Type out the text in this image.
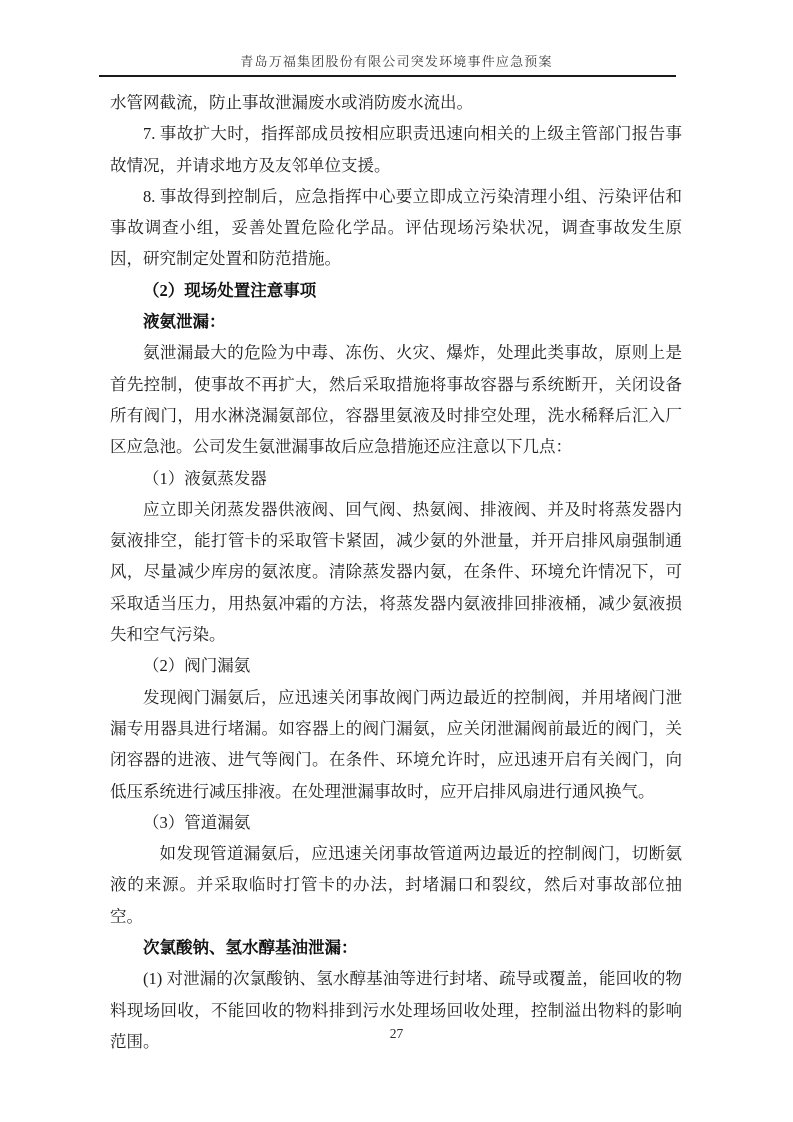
青岛万福集团股份有限公司突发环境事件应急预案

水管网截流，防止事故泄漏废水或消防废水流出。

7. 事故扩大时，指挥部成员按相应职责迅速向相关的上级主管部门报告事故情况，并请求地方及友邻单位支援。

8. 事故得到控制后，应急指挥中心要立即成立污染清理小组、污染评估和事故调查小组，妥善处置危险化学品。评估现场污染状况，调查事故发生原因，研究制定处置和防范措施。

（2）现场处置注意事项

液氨泄漏：

氨泄漏最大的危险为中毒、冻伤、火灾、爆炸，处理此类事故，原则上是首先控制，使事故不再扩大，然后采取措施将事故容器与系统断开，关闭设备所有阀门，用水淋浇漏氨部位，容器里氨液及时排空处理，洗水稀释后汇入厂区应急池。公司发生氨泄漏事故后应急措施还应注意以下几点：

（1）液氨蒸发器

应立即关闭蒸发器供液阀、回气阀、热氨阀、排液阀、并及时将蒸发器内氨液排空，能打管卡的采取管卡紧固，减少氨的外泄量，并开启排风扇强制通风，尽量减少库房的氨浓度。清除蒸发器内氨，在条件、环境允许情况下，可采取适当压力，用热氨冲霜的方法，将蒸发器内氨液排回排液桶，减少氨液损失和空气污染。

（2）阀门漏氨

发现阀门漏氨后，应迅速关闭事故阀门两边最近的控制阀，并用堵阀门泄漏专用器具进行堵漏。如容器上的阀门漏氨，应关闭泄漏阀前最近的阀门，关闭容器的进液、进气等阀门。在条件、环境允许时，应迅速开启有关阀门，向低压系统进行减压排液。在处理泄漏事故时，应开启排风扇进行通风换气。

（3）管道漏氨

如发现管道漏氨后，应迅速关闭事故管道两边最近的控制阀门，切断氨液的来源。并采取临时打管卡的办法，封堵漏口和裂纹，然后对事故部位抽空。

次氯酸钠、氢水醇基油泄漏：

(1) 对泄漏的次氯酸钠、氢水醇基油等进行封堵、疏导或覆盖，能回收的物料现场回收，不能回收的物料排到污水处理场回收处理，控制溢出物料的影响范围。	27
